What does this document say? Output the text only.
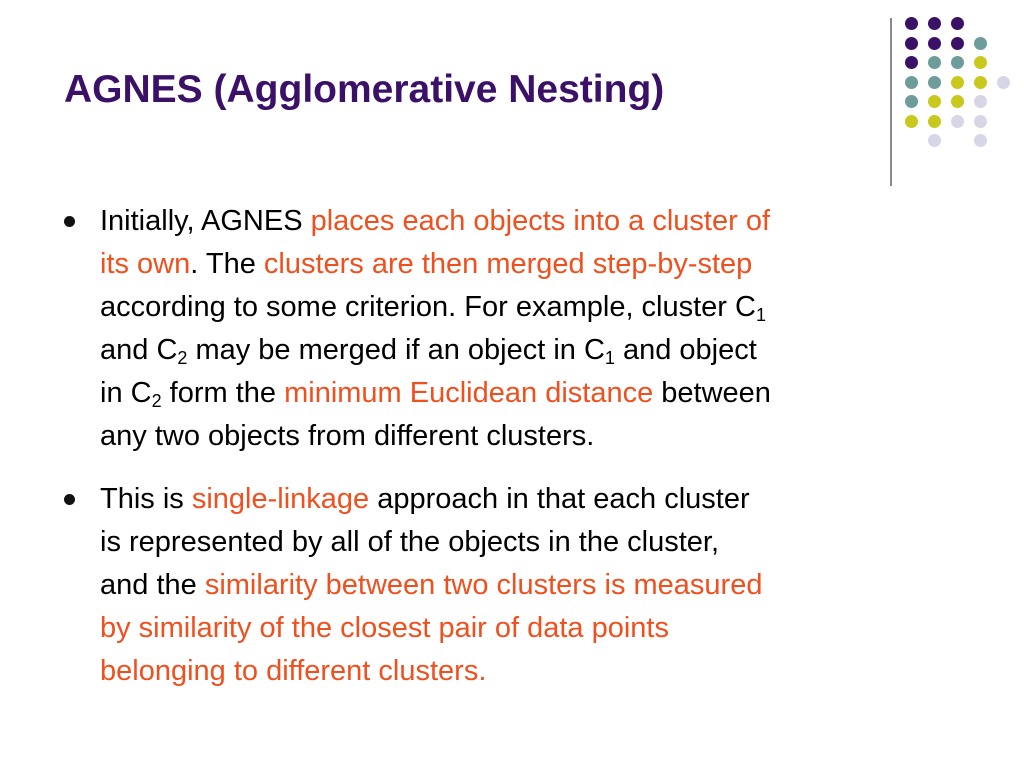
AGNES (Agglomerative Nesting)
Initially, AGNES places each objects into a cluster of
its own. The clusters are then merged step-by-step
according to some criterion. For example, cluster $C_1$
and $C_2$ may be merged if an object in $C_1$ and object
in $C_2$ form the minimum Euclidean distance between
any two objects from different clusters.
This is single-linkage approach in that each cluster
is represented by all of the objects in the cluster,
and the similarity between two clusters is measured
by similarity of the closest pair of data points
belonging to different clusters.
